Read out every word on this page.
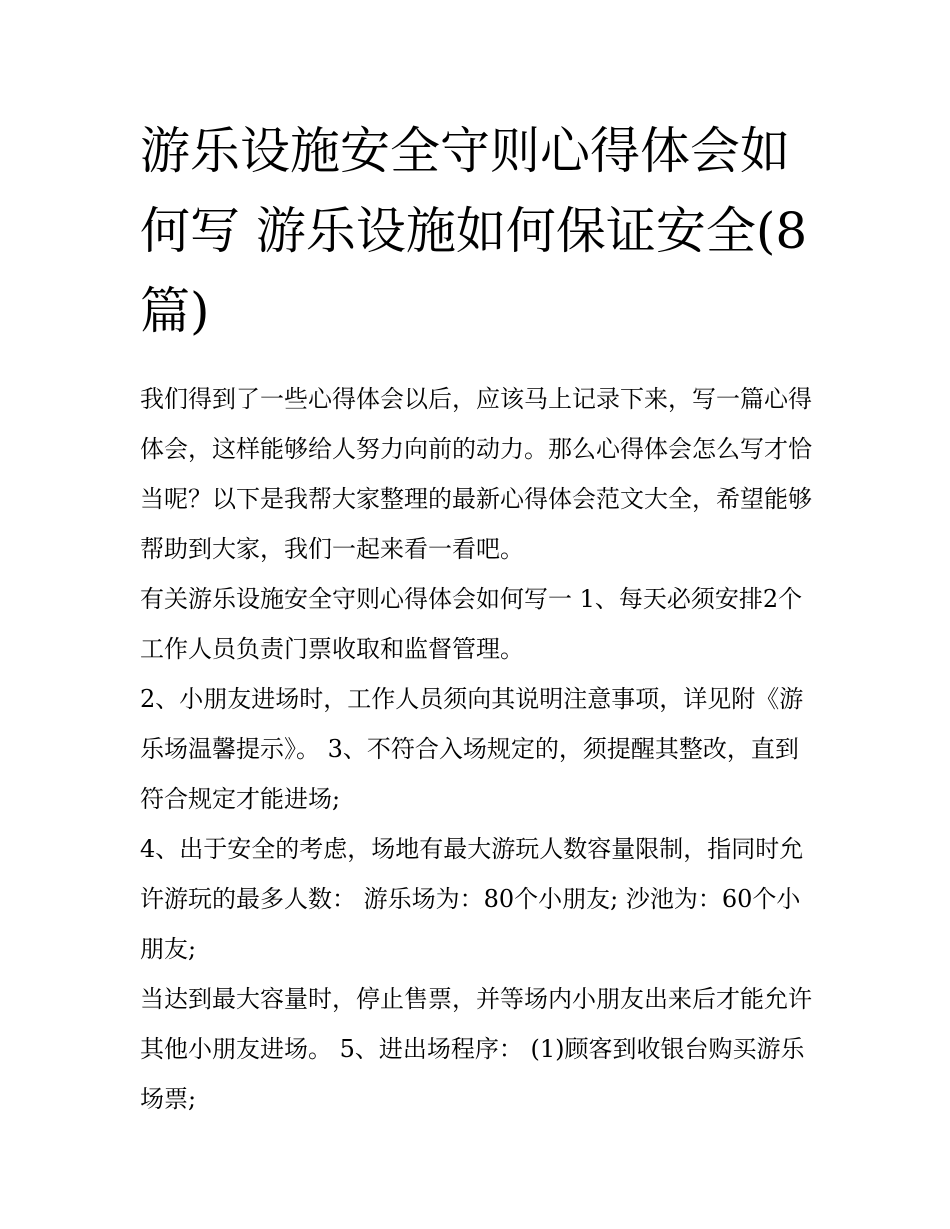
游乐设施安全守则心得体会如何写 游乐设施如何保证安全(8篇)

我们得到了一些心得体会以后，应该马上记录下来，写一篇心得体会，这样能够给人努力向前的动力。那么心得体会怎么写才恰当呢？以下是我帮大家整理的最新心得体会范文大全，希望能够帮助到大家，我们一起来看一看吧。

有关游乐设施安全守则心得体会如何写一 1、每天必须安排2个工作人员负责门票收取和监督管理。

2、小朋友进场时，工作人员须向其说明注意事项，详见附《游乐场温馨提示》。 3、不符合入场规定的，须提醒其整改，直到符合规定才能进场;

4、出于安全的考虑，场地有最大游玩人数容量限制，指同时允许游玩的最多人数： 游乐场为：80个小朋友; 沙池为：60个小朋友;

当达到最大容量时，停止售票，并等场内小朋友出来后才能允许其他小朋友进场。 5、进出场程序： (1)顾客到收银台购买游乐场票;
